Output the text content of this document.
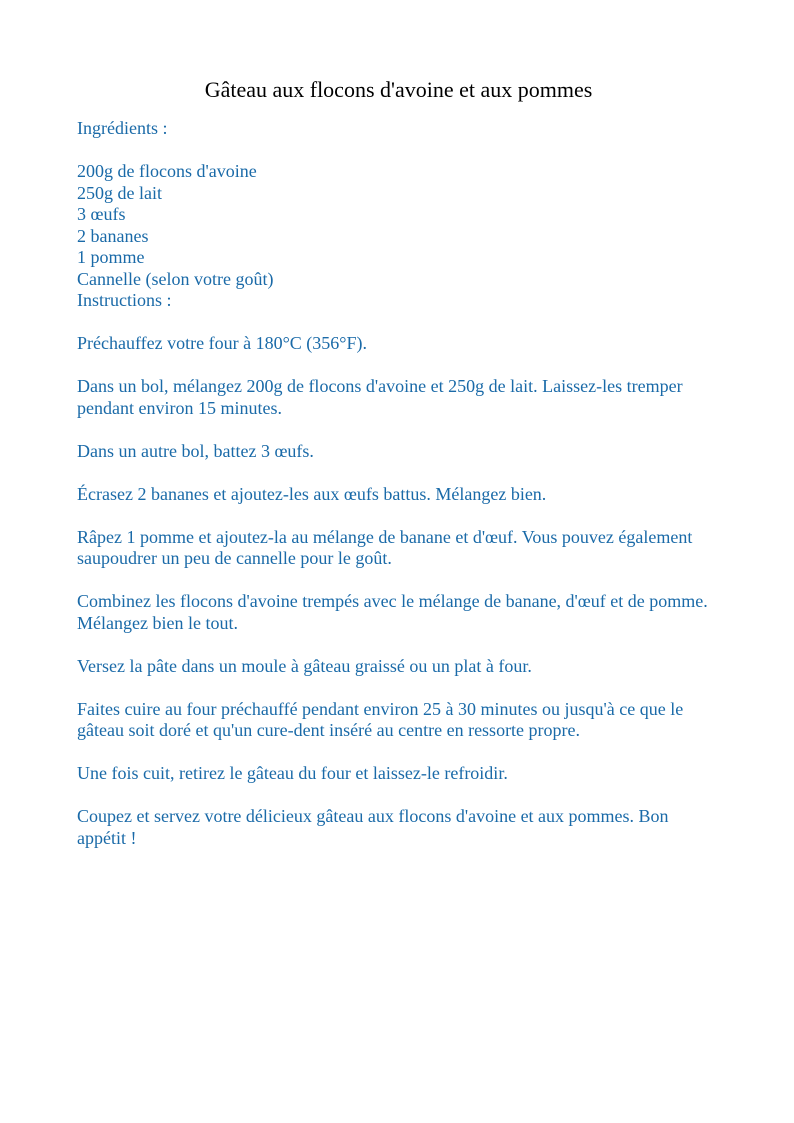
Gâteau aux flocons d'avoine et aux pommes

Ingrédients :

200g de flocons d'avoine

250g de lait

3 œufs

2 bananes

1 pomme

Cannelle (selon votre goût)

Instructions :

Préchauffez votre four à 180°C (356°F).

Dans un bol, mélangez 200g de flocons d'avoine et 250g de lait. Laissez-les tremper pendant environ 15 minutes.

Dans un autre bol, battez 3 œufs.

Écrasez 2 bananes et ajoutez-les aux œufs battus. Mélangez bien.

Râpez 1 pomme et ajoutez-la au mélange de banane et d'œuf. Vous pouvez également saupoudrer un peu de cannelle pour le goût.

Combinez les flocons d'avoine trempés avec le mélange de banane, d'œuf et de pomme. Mélangez bien le tout.

Versez la pâte dans un moule à gâteau graissé ou un plat à four.

Faites cuire au four préchauffé pendant environ 25 à 30 minutes ou jusqu'à ce que le gâteau soit doré et qu'un cure-dent inséré au centre en ressorte propre.

Une fois cuit, retirez le gâteau du four et laissez-le refroidir.

Coupez et servez votre délicieux gâteau aux flocons d'avoine et aux pommes. Bon appétit !
